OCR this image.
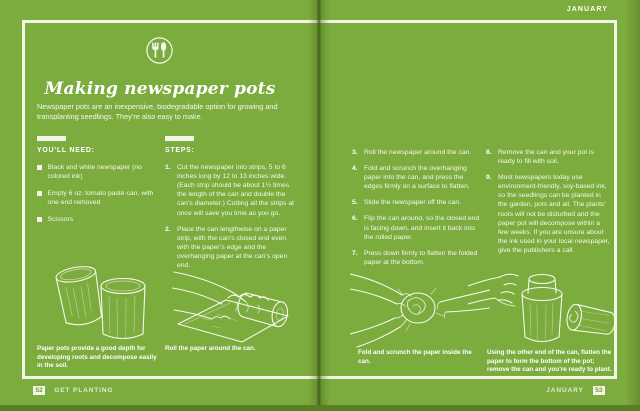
JANUARY
Making newspaper pots
Newspaper pots are an inexpensive, biodegradable option for growing and transplanting seedlings. They’re also easy to make.
YOU’LL NEED:
Black and white newspaper (no colored ink)
Empty 6 oz. tomato paste can, with one end removed
Scissors
STEPS:
1. Cut the newspaper into strips, 5 to 6 inches long by 12 to 13 inches wide. (Each strip should be about 1½ times the length of the can and double the can’s diameter.) Cutting all the strips at once will save you time as you go.
2. Place the can lengthwise on a paper strip, with the can’s closed end even with the paper’s edge and the overhanging paper at the can’s open end.
3. Roll the newspaper around the can.
4. Fold and scrunch the overhanging paper into the can, and press the edges firmly on a surface to flatten.
5. Slide the newspaper off the can.
6. Flip the can around, so the closed end is facing down, and insert it back into the rolled paper.
7. Press down firmly to flatten the folded paper at the bottom.
8. Remove the can and your pot is ready to fill with soil.
9. Most newspapers today use environment-friendly, soy-based ink, so the seedlings can be planted in the garden, pots and all. The plants’ roots will not be disturbed and the paper pot will decompose within a few weeks. If you are unsure about the ink used in your local newspaper, give the publishers a call.
Paper pots provide a good depth for developing roots and decompose easily in the soil.
Roll the paper around the can.
Fold and scrunch the paper inside the can.
Using the other end of the can, flatten the paper to form the bottom of the pot; remove the can and you’re ready to plant.
52	GET PLANTING	JANUARY	53
